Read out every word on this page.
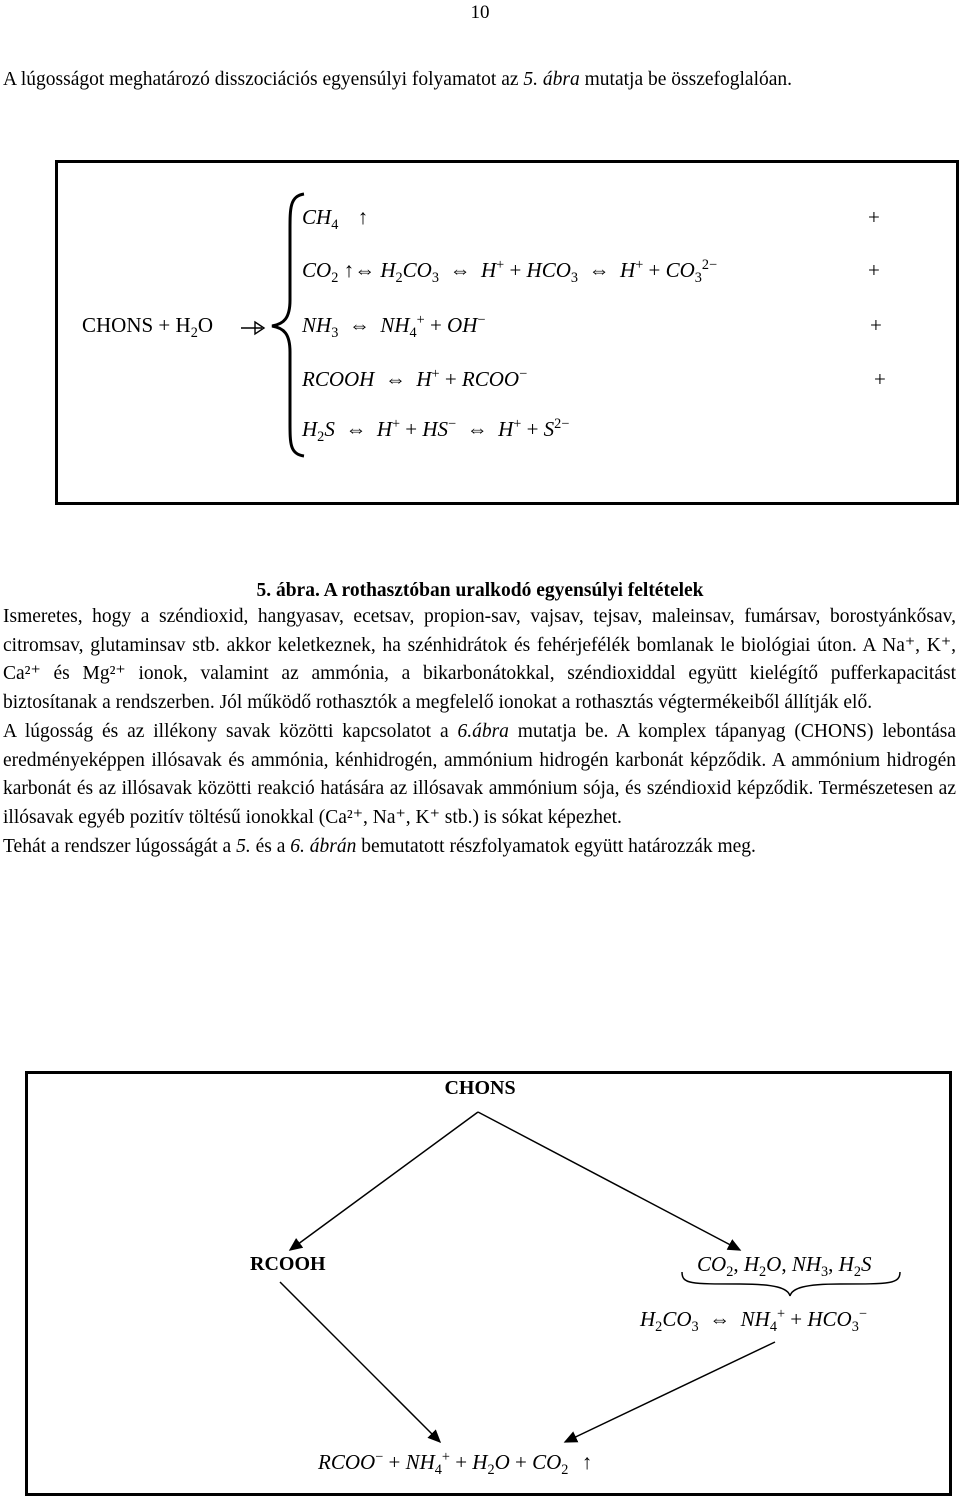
10

A lúgosságot meghatározó disszociációs egyensúlyi folyamatot az 5. ábra mutatja be összefoglalóan.

CHONS + $H_2O$
$CH_4$ ↑
$CO_2$ ↑⇔ $H_2CO_3$  ⇔  $H^+ + HCO_3$  ⇔  $H^+ + CO_3^{2-}$
$NH_3$  ⇔  $NH_4^+ + OH^-$
RCOOH  ⇔  H+ + RCOO−
$H_2S$  ⇔  H+ + HS−  ⇔  $H^+ + S^{2-}$
+
+
+
+
5. ábra. A rothasztóban uralkodó egyensúlyi feltételek

Ismeretes, hogy a széndioxid, hangyasav, ecetsav, propion-sav, vajsav, tejsav, maleinsav, fumársav, borostyánkősav, citromsav, glutaminsav stb. akkor keletkeznek, ha szénhidrátok és fehérjefélék bomlanak le biológiai úton. A Na⁺, K⁺, Ca²⁺ és Mg²⁺ ionok, valamint az ammónia, a bikarbonátokkal, széndioxiddal együtt kielégítő pufferkapacitást biztosítanak a rendszerben. Jól működő rothasztók a megfelelő ionokat a rothasztás végtermékeiből állítják elő.

A lúgosság és az illékony savak közötti kapcsolatot a 6.ábra mutatja be. A komplex tápanyag (CHONS) lebontása eredményeképpen illósavak és ammónia, kénhidrogén, ammónium hidrogén karbonát képződik. A ammónium hidrogén karbonát és az illósavak közötti reakció hatására az illósavak ammónium sója, és széndioxid képződik. Természetesen az illósavak egyéb pozitív töltésű ionokkal (Ca²⁺, Na⁺, K⁺ stb.) is sókat képezhet.

Tehát a rendszer lúgosságát a 5. és a 6. ábrán bemutatott részfolyamatok együtt határozzák meg.

CHONS
RCOOH	$CO_2$, $H_2O$, $NH_3$, $H_2S$
$H_2CO_3$  ⇔  $NH_4^+ + HCO_3^-$
RCOO− + $NH_4^+ + H_2O + CO_2$ ↑
